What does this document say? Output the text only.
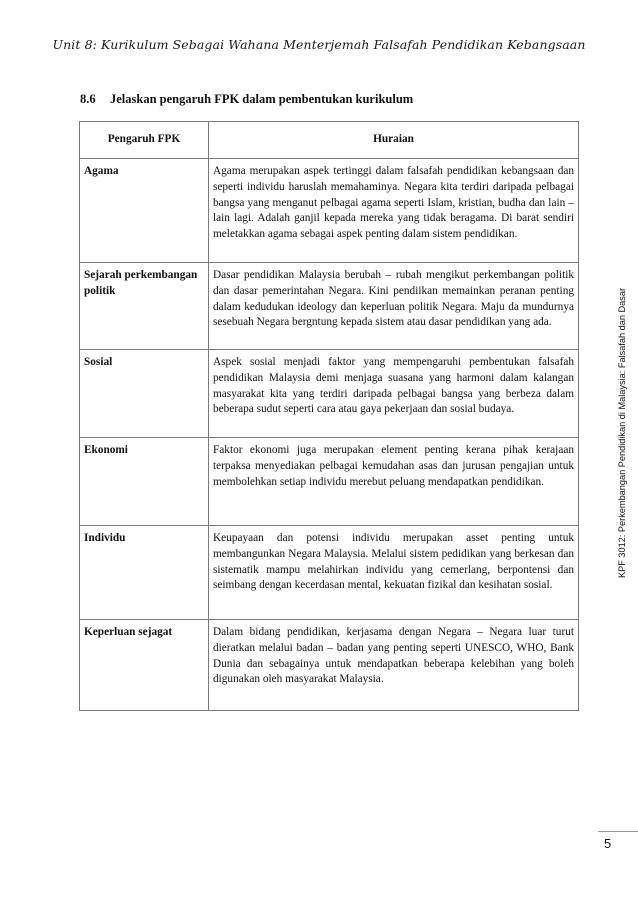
Unit 8: Kurikulum Sebagai Wahana Menterjemah Falsafah Pendidikan Kebangsaan
8.6 Jelaskan pengaruh FPK dalam pembentukan kurikulum
Pengaruh FPK	Huraian
Agama	Agama merupakan aspek tertinggi dalam falsafah pendidikan kebangsaan dan seperti individu haruslah memahaminya. Negara kita terdiri daripada pelbagai bangsa yang menganut pelbagai agama seperti Islam, kristian, budha dan lain –lain lagi. Adalah ganjil kepada mereka yang tidak beragama. Di barat sendiri meletakkan agama sebagai aspek penting dalam sistem pendidikan.
Sejarah perkembangan politik	Dasar pendidikan Malaysia berubah – rubah mengikut perkembangan politik dan dasar pemerintahan Negara. Kini pendiikan memainkan peranan penting dalam kedudukan ideology dan keperluan politik Negara. Maju da mundurnya sesebuah Negara bergntung kepada sistem atau dasar pendidikan yang ada.
Sosial	Aspek sosial menjadi faktor yang mempengaruhi pembentukan falsafah pendidikan Malaysia demi menjaga suasana yang harmoni dalam kalangan masyarakat kita yang terdiri daripada pelbagai bangsa yang berbeza dalam beberapa sudut seperti cara atau gaya pekerjaan dan sosial budaya.
Ekonomi	Faktor ekonomi juga merupakan element penting kerana pihak kerajaan terpaksa menyediakan pelbagai kemudahan asas dan jurusan pengajian untuk membolehkan setiap individu merebut peluang mendapatkan pendidikan.
Individu	Keupayaan dan potensi individu merupakan asset penting untuk membangunkan Negara Malaysia. Melalui sistem pedidikan yang berkesan dan sistematik mampu melahirkan individu yang cemerlang, berpontensi dan seimbang dengan kecerdasan mental, kekuatan fizikal dan kesihatan sosial.
Keperluan sejagat	Dalam bidang pendidikan, kerjasama dengan Negara – Negara luar turut dieratkan melalui badan – badan yang penting seperti UNESCO, WHO, Bank Dunia dan sebagainya untuk mendapatkan beberapa kelebihan yang boleh digunakan oleh masyarakat Malaysia.
KPF 3012: Perkembangan Pendidikan di Malaysia: Falsafah dan Dasar
5
